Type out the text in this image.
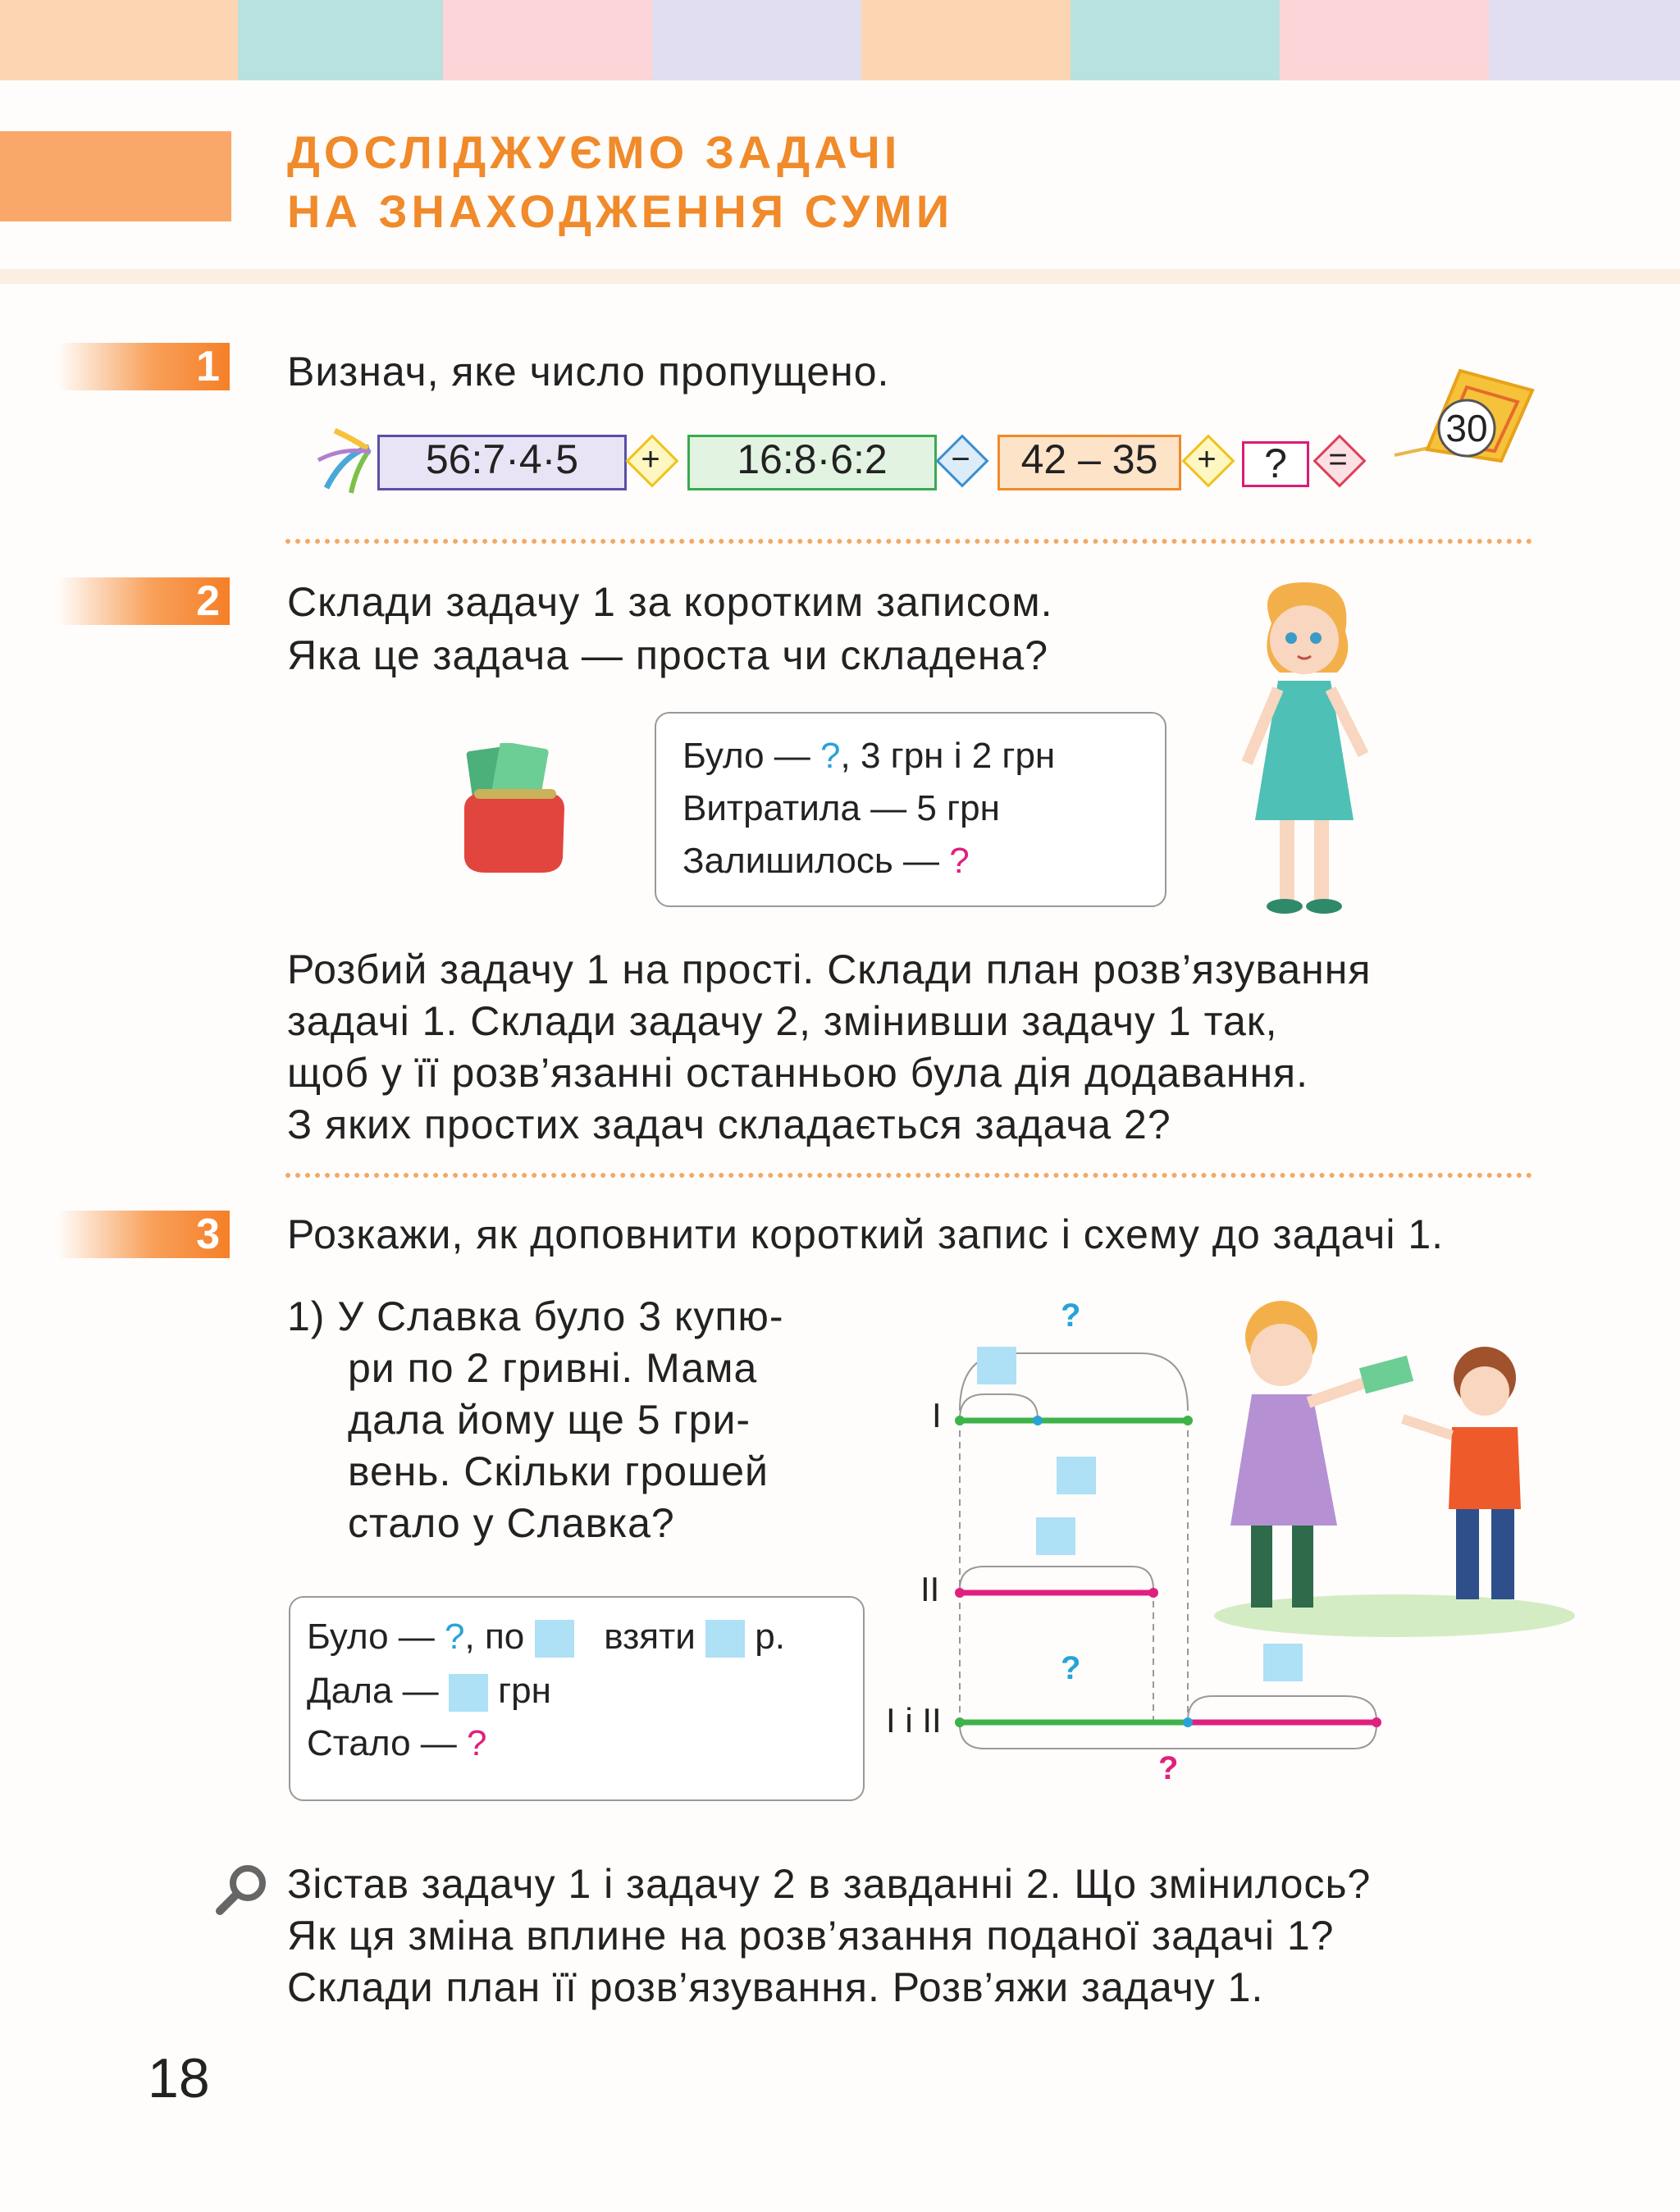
ДОСЛІДЖУЄМО ЗАДАЧІ
НА ЗНАХОДЖЕННЯ СУМИ
1 Визнач, яке число пропущено.
56:7·4·5	+	16:8·6:2	−	42 – 35	+	?	=
30
2 Склади задачу 1 за коротким записом.
Яка це задача — проста чи складена?
Було — ?, 3 грн і 2 грн
Витратила — 5 грн
Залишилось — ?
Розбий задачу 1 на прості. Склади план розв’язування
задачі 1. Склади задачу 2, змінивши задачу 1 так,
щоб у її розв’язанні останньою була дія додавання.
З яких простих задач складається задача 2?
3 Розкажи, як доповнити короткий запис і схему до задачі 1.
1) У Славка було 3 купю-
ри по 2 гривні. Мама
дала йому ще 5 гри-
вень. Скільки грошей
стало у Славка?
Було — ?, по взяти р.
Дала — грн
Стало — ?
?
?
?
I
II
I і II
Зістав задачу 1 і задачу 2 в завданні 2. Що змінилось?
Як ця зміна вплине на розв’язання поданої задачі 1?
Склади план її розв’язування. Розв’яжи задачу 1.
18
